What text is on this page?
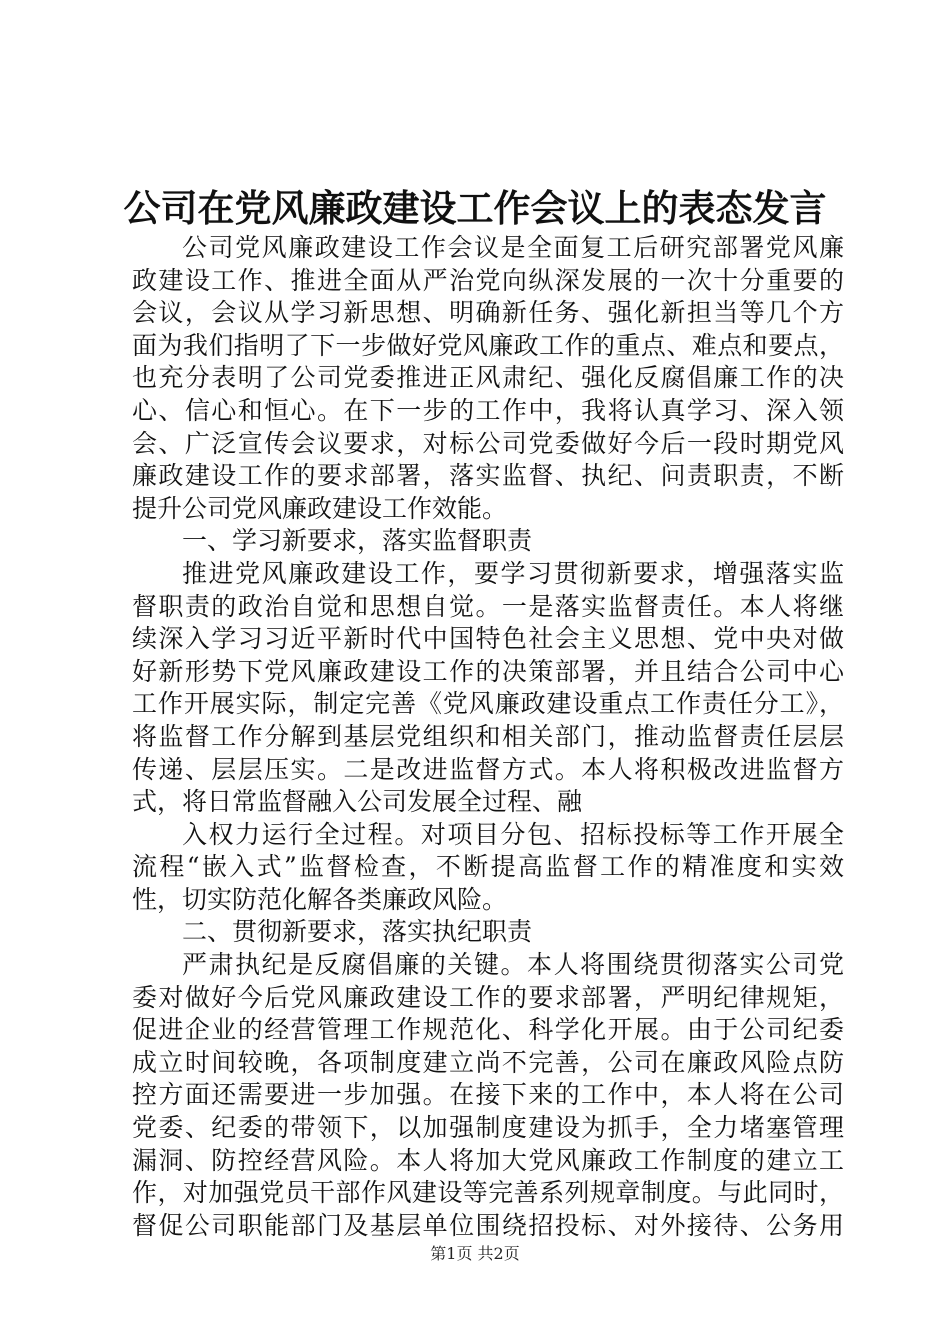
公司在党风廉政建设工作会议上的表态发言
公司党风廉政建设工作会议是全面复工后研究部署党风廉
政建设工作、推进全面从严治党向纵深发展的一次十分重要的
会议，会议从学习新思想、明确新任务、强化新担当等几个方
面为我们指明了下一步做好党风廉政工作的重点、难点和要点，
也充分表明了公司党委推进正风肃纪、强化反腐倡廉工作的决
心、信心和恒心。在下一步的工作中，我将认真学习、深入领
会、广泛宣传会议要求，对标公司党委做好今后一段时期党风
廉政建设工作的要求部署，落实监督、执纪、问责职责，不断
提升公司党风廉政建设工作效能。
一、学习新要求，落实监督职责
推进党风廉政建设工作，要学习贯彻新要求，增强落实监
督职责的政治自觉和思想自觉。一是落实监督责任。本人将继
续深入学习习近平新时代中国特色社会主义思想、党中央对做
好新形势下党风廉政建设工作的决策部署，并且结合公司中心
工作开展实际，制定完善《党风廉政建设重点工作责任分工》，
将监督工作分解到基层党组织和相关部门，推动监督责任层层
传递、层层压实。二是改进监督方式。本人将积极改进监督方
式，将日常监督融入公司发展全过程、融
入权力运行全过程。对项目分包、招标投标等工作开展全
流程“嵌入式”监督检查，不断提高监督工作的精准度和实效
性，切实防范化解各类廉政风险。
二、贯彻新要求，落实执纪职责
严肃执纪是反腐倡廉的关键。本人将围绕贯彻落实公司党
委对做好今后党风廉政建设工作的要求部署，严明纪律规矩，
促进企业的经营管理工作规范化、科学化开展。由于公司纪委
成立时间较晚，各项制度建立尚不完善，公司在廉政风险点防
控方面还需要进一步加强。在接下来的工作中，本人将在公司
党委、纪委的带领下，以加强制度建设为抓手，全力堵塞管理
漏洞、防控经营风险。本人将加大党风廉政工作制度的建立工
作，对加强党员干部作风建设等完善系列规章制度。与此同时，
督促公司职能部门及基层单位围绕招投标、对外接待、公务用
第1页 共2页
